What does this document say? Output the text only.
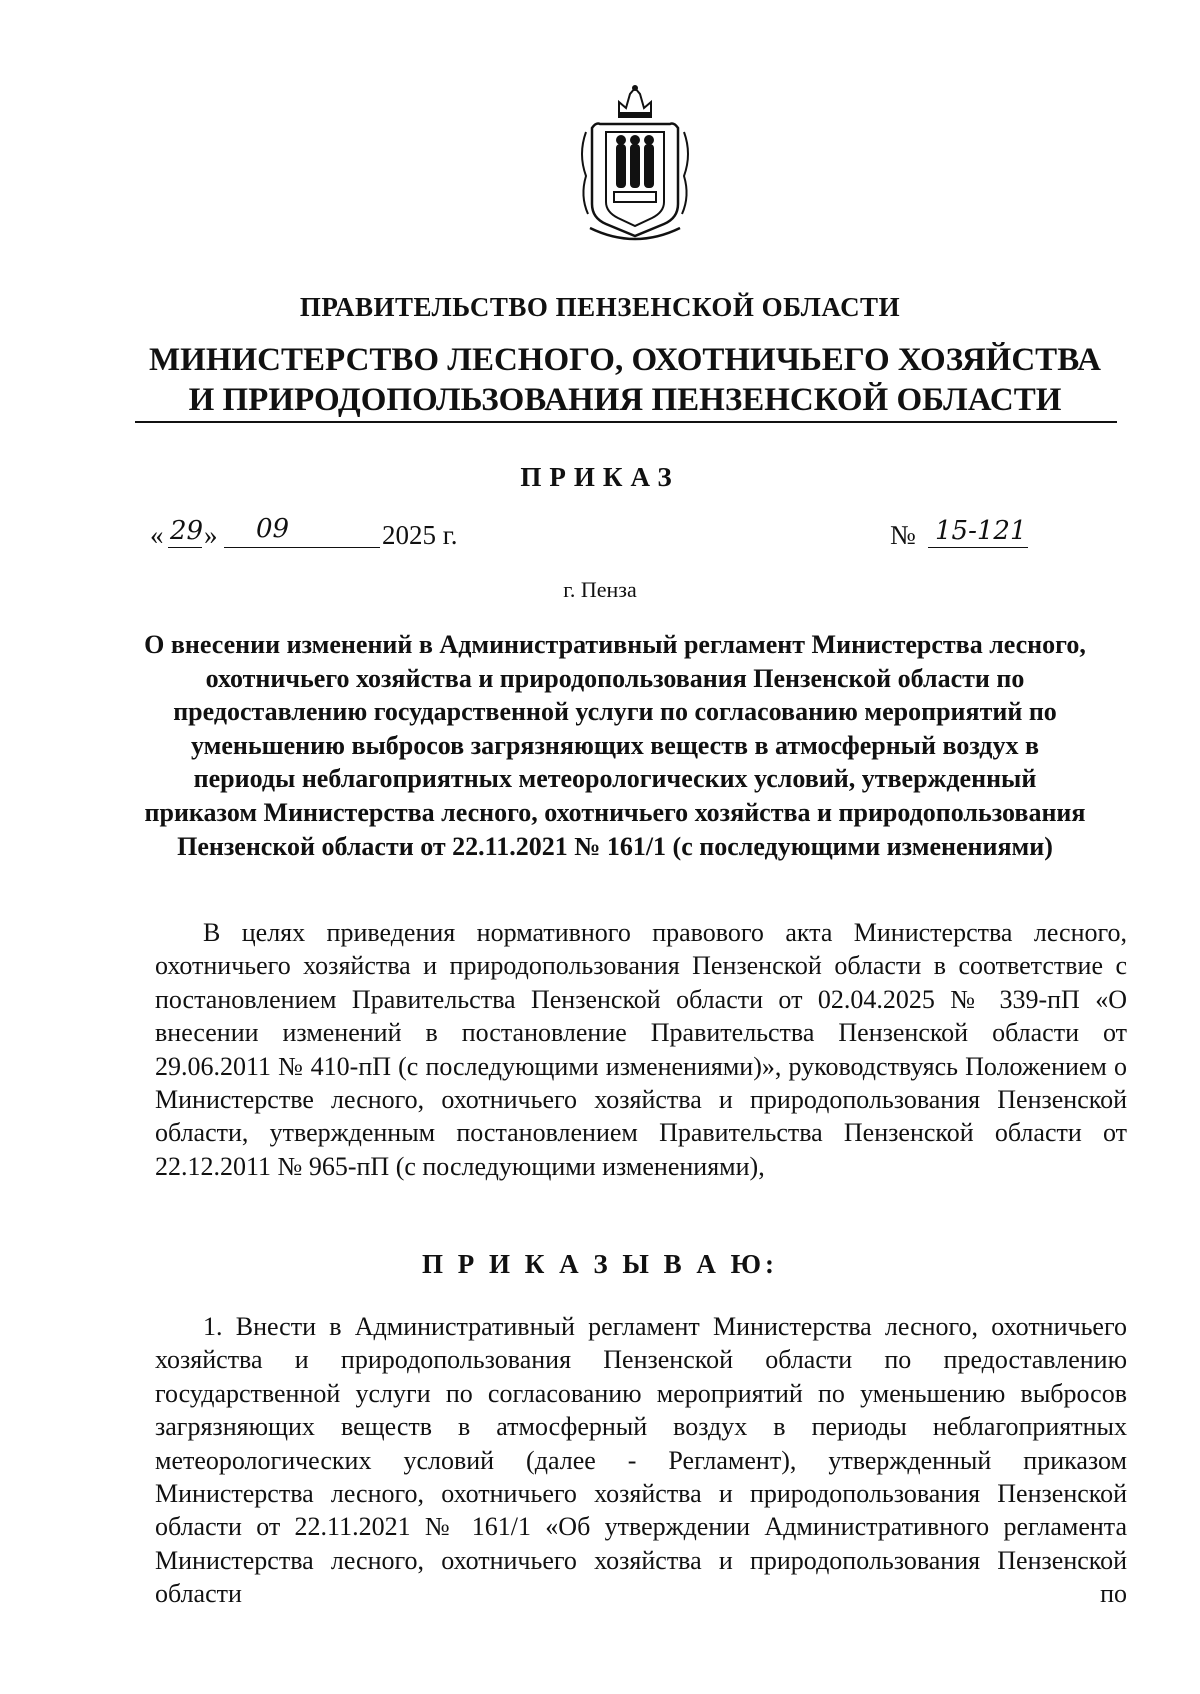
ПРАВИТЕЛЬСТВО ПЕНЗЕНСКОЙ ОБЛАСТИ
МИНИСТЕРСТВО ЛЕСНОГО, ОХОТНИЧЬЕГО ХОЗЯЙСТВА
И ПРИРОДОПОЛЬЗОВАНИЯ ПЕНЗЕНСКОЙ ОБЛАСТИ
ПРИКАЗ
« 29 » 09	2025 г.	№ 15-121
г. Пенза
О внесении изменений в Административный регламент Министерства лесного, охотничьего хозяйства и природопользования Пензенской области по предоставлению государственной услуги по согласованию мероприятий по уменьшению выбросов загрязняющих веществ в атмосферный воздух в периоды неблагоприятных метеорологических условий, утвержденный приказом Министерства лесного, охотничьего хозяйства и природопользования Пензенской области от 22.11.2021 № 161/1 (с последующими изменениями)
В целях приведения нормативного правового акта Министерства лесного, охотничьего хозяйства и природопользования Пензенской области в соответствие с постановлением Правительства Пензенской области от 02.04.2025 № 339-пП «О внесении изменений в постановление Правительства Пензенской области от 29.06.2011 № 410-пП (с последующими изменениями)», руководствуясь Положением о Министерстве лесного, охотничьего хозяйства и природопользования Пензенской области, утвержденным постановлением Правительства Пензенской области от 22.12.2011 № 965-пП (с последующими изменениями),
П Р И К А З Ы В А Ю:
1. Внести в Административный регламент Министерства лесного, охотничьего хозяйства и природопользования Пензенской области по предоставлению государственной услуги по согласованию мероприятий по уменьшению выбросов загрязняющих веществ в атмосферный воздух в периоды неблагоприятных метеорологических условий (далее - Регламент), утвержденный приказом Министерства лесного, охотничьего хозяйства и природопользования Пензенской области от 22.11.2021 № 161/1 «Об утверждении Административного регламента Министерства лесного, охотничьего хозяйства и природопользования Пензенской области по
